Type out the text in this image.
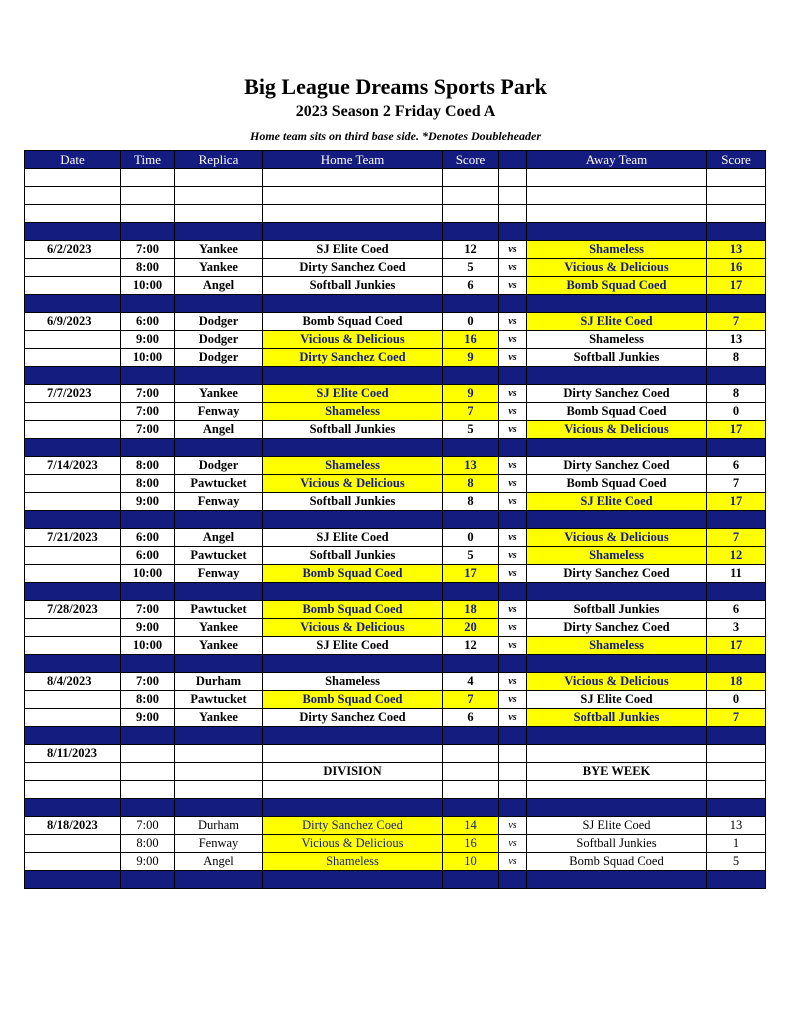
Big League Dreams Sports Park
2023 Season 2 Friday Coed A
Home team sits on third base side. *Denotes Doubleheader
Date	Time	Replica	Home Team	Score		Away Team	Score

6/2/2023	7:00	Yankee	SJ Elite Coed	12	vs	Shameless	13
	8:00	Yankee	Dirty Sanchez Coed	5	vs	Vicious & Delicious	16
	10:00	Angel	Softball Junkies	6	vs	Bomb Squad Coed	17

6/9/2023	6:00	Dodger	Bomb Squad Coed	0	vs	SJ Elite Coed	7
	9:00	Dodger	Vicious & Delicious	16	vs	Shameless	13
	10:00	Dodger	Dirty Sanchez Coed	9	vs	Softball Junkies	8

7/7/2023	7:00	Yankee	SJ Elite Coed	9	vs	Dirty Sanchez Coed	8
	7:00	Fenway	Shameless	7	vs	Bomb Squad Coed	0
	7:00	Angel	Softball Junkies	5	vs	Vicious & Delicious	17

7/14/2023	8:00	Dodger	Shameless	13	vs	Dirty Sanchez Coed	6
	8:00	Pawtucket	Vicious & Delicious	8	vs	Bomb Squad Coed	7
	9:00	Fenway	Softball Junkies	8	vs	SJ Elite Coed	17

7/21/2023	6:00	Angel	SJ Elite Coed	0	vs	Vicious & Delicious	7
	6:00	Pawtucket	Softball Junkies	5	vs	Shameless	12
	10:00	Fenway	Bomb Squad Coed	17	vs	Dirty Sanchez Coed	11

7/28/2023	7:00	Pawtucket	Bomb Squad Coed	18	vs	Softball Junkies	6
	9:00	Yankee	Vicious & Delicious	20	vs	Dirty Sanchez Coed	3
	10:00	Yankee	SJ Elite Coed	12	vs	Shameless	17

8/4/2023	7:00	Durham	Shameless	4	vs	Vicious & Delicious	18
	8:00	Pawtucket	Bomb Squad Coed	7	vs	SJ Elite Coed	0
	9:00	Yankee	Dirty Sanchez Coed	6	vs	Softball Junkies	7

8/11/2023							
			DIVISION			BYE WEEK	

8/18/2023	7:00	Durham	Dirty Sanchez Coed	14	vs	SJ Elite Coed	13
	8:00	Fenway	Vicious & Delicious	16	vs	Softball Junkies	1
	9:00	Angel	Shameless	10	vs	Bomb Squad Coed	5
